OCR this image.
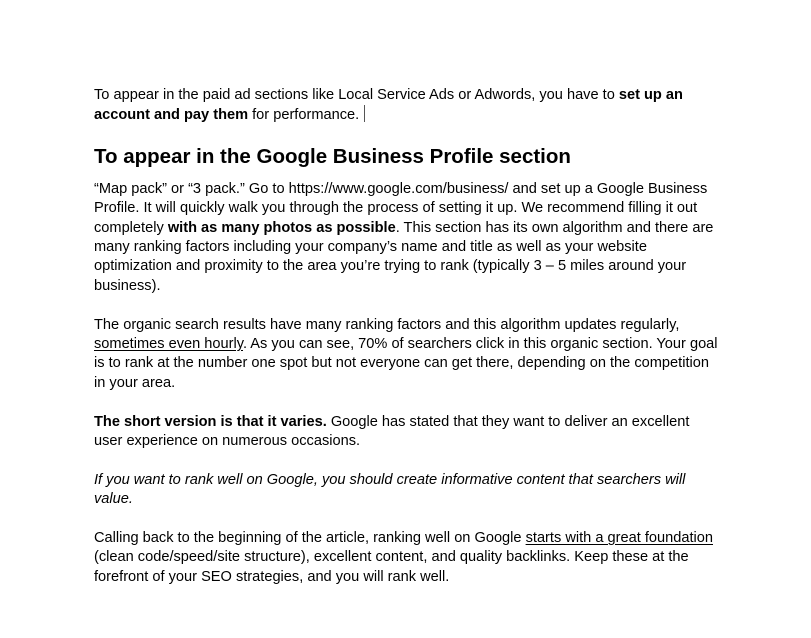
To appear in the paid ad sections like Local Service Ads or Adwords, you have to set up an account and pay them for performance.

To appear in the Google Business Profile section

“Map pack” or “3 pack.” Go to https://www.google.com/business/ and set up a Google Business Profile. It will quickly walk you through the process of setting it up. We recommend filling it out completely with as many photos as possible. This section has its own algorithm and there are many ranking factors including your company’s name and title as well as your website optimization and proximity to the area you’re trying to rank (typically 3 – 5 miles around your business).

The organic search results have many ranking factors and this algorithm updates regularly, sometimes even hourly. As you can see, 70% of searchers click in this organic section. Your goal is to rank at the number one spot but not everyone can get there, depending on the competition in your area.

The short version is that it varies. Google has stated that they want to deliver an excellent user experience on numerous occasions.

If you want to rank well on Google, you should create informative content that searchers will value.

Calling back to the beginning of the article, ranking well on Google starts with a great foundation (clean code/speed/site structure), excellent content, and quality backlinks. Keep these at the forefront of your SEO strategies, and you will rank well.
